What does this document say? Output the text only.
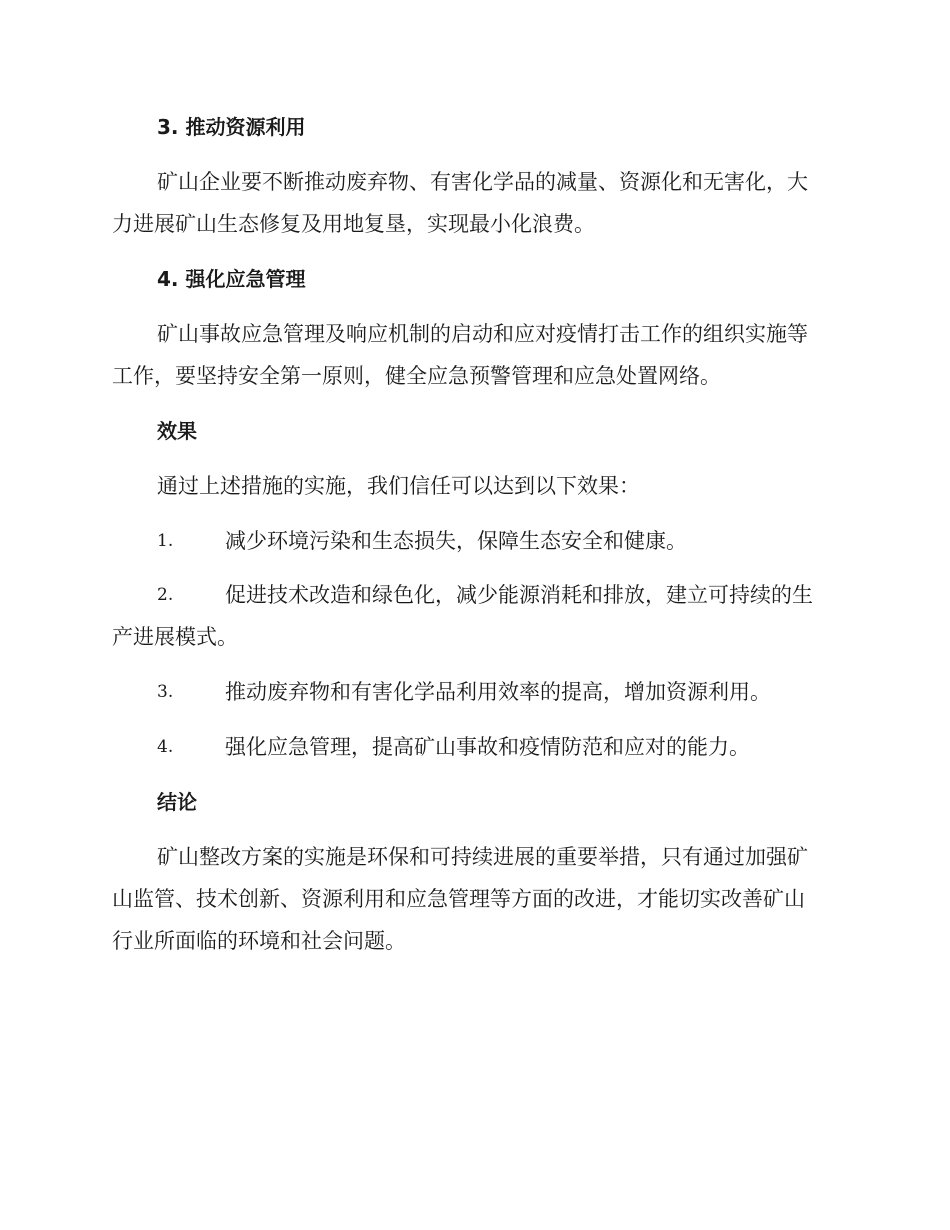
3. 推动资源利用
矿山企业要不断推动废弃物、有害化学品的减量、资源化和无害化，大
力进展矿山生态修复及用地复垦，实现最小化浪费。
4. 强化应急管理
矿山事故应急管理及响应机制的启动和应对疫情打击工作的组织实施等
工作，要坚持安全第一原则，健全应急预警管理和应急处置网络。
效果
通过上述措施的实施，我们信任可以达到以下效果：
1. 减少环境污染和生态损失，保障生态安全和健康。
2. 促进技术改造和绿色化，减少能源消耗和排放，建立可持续的生
产进展模式。
3. 推动废弃物和有害化学品利用效率的提高，增加资源利用。
4. 强化应急管理，提高矿山事故和疫情防范和应对的能力。
结论
矿山整改方案的实施是环保和可持续进展的重要举措，只有通过加强矿
山监管、技术创新、资源利用和应急管理等方面的改进，才能切实改善矿山
行业所面临的环境和社会问题。
